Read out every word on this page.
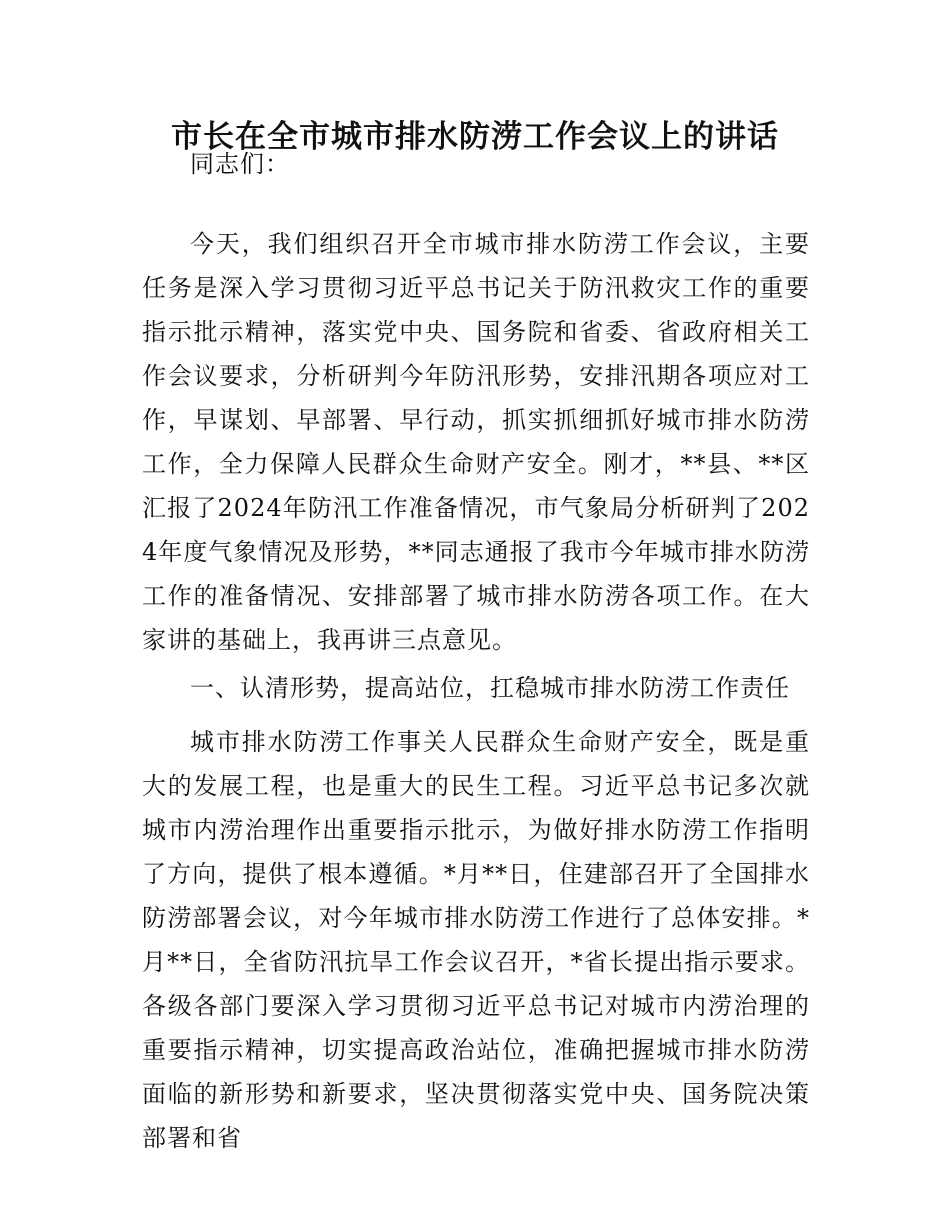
市长在全市城市排水防涝工作会议上的讲话

同志们：

今天，我们组织召开全市城市排水防涝工作会议，主要任务是深入学习贯彻习近平总书记关于防汛救灾工作的重要指示批示精神，落实党中央、国务院和省委、省政府相关工作会议要求，分析研判今年防汛形势，安排汛期各项应对工作，早谋划、早部署、早行动，抓实抓细抓好城市排水防涝工作，全力保障人民群众生命财产安全。刚才，**县、**区汇报了2024年防汛工作准备情况，市气象局分析研判了2024年度气象情况及形势，**同志通报了我市今年城市排水防涝工作的准备情况、安排部署了城市排水防涝各项工作。在大家讲的基础上，我再讲三点意见。

一、认清形势，提高站位，扛稳城市排水防涝工作责任

城市排水防涝工作事关人民群众生命财产安全，既是重大的发展工程，也是重大的民生工程。习近平总书记多次就城市内涝治理作出重要指示批示，为做好排水防涝工作指明了方向，提供了根本遵循。*月**日，住建部召开了全国排水防涝部署会议，对今年城市排水防涝工作进行了总体安排。*月**日，全省防汛抗旱工作会议召开，*省长提出指示要求。各级各部门要深入学习贯彻习近平总书记对城市内涝治理的重要指示精神，切实提高政治站位，准确把握城市排水防涝面临的新形势和新要求，坚决贯彻落实党中央、国务院决策部署和省
